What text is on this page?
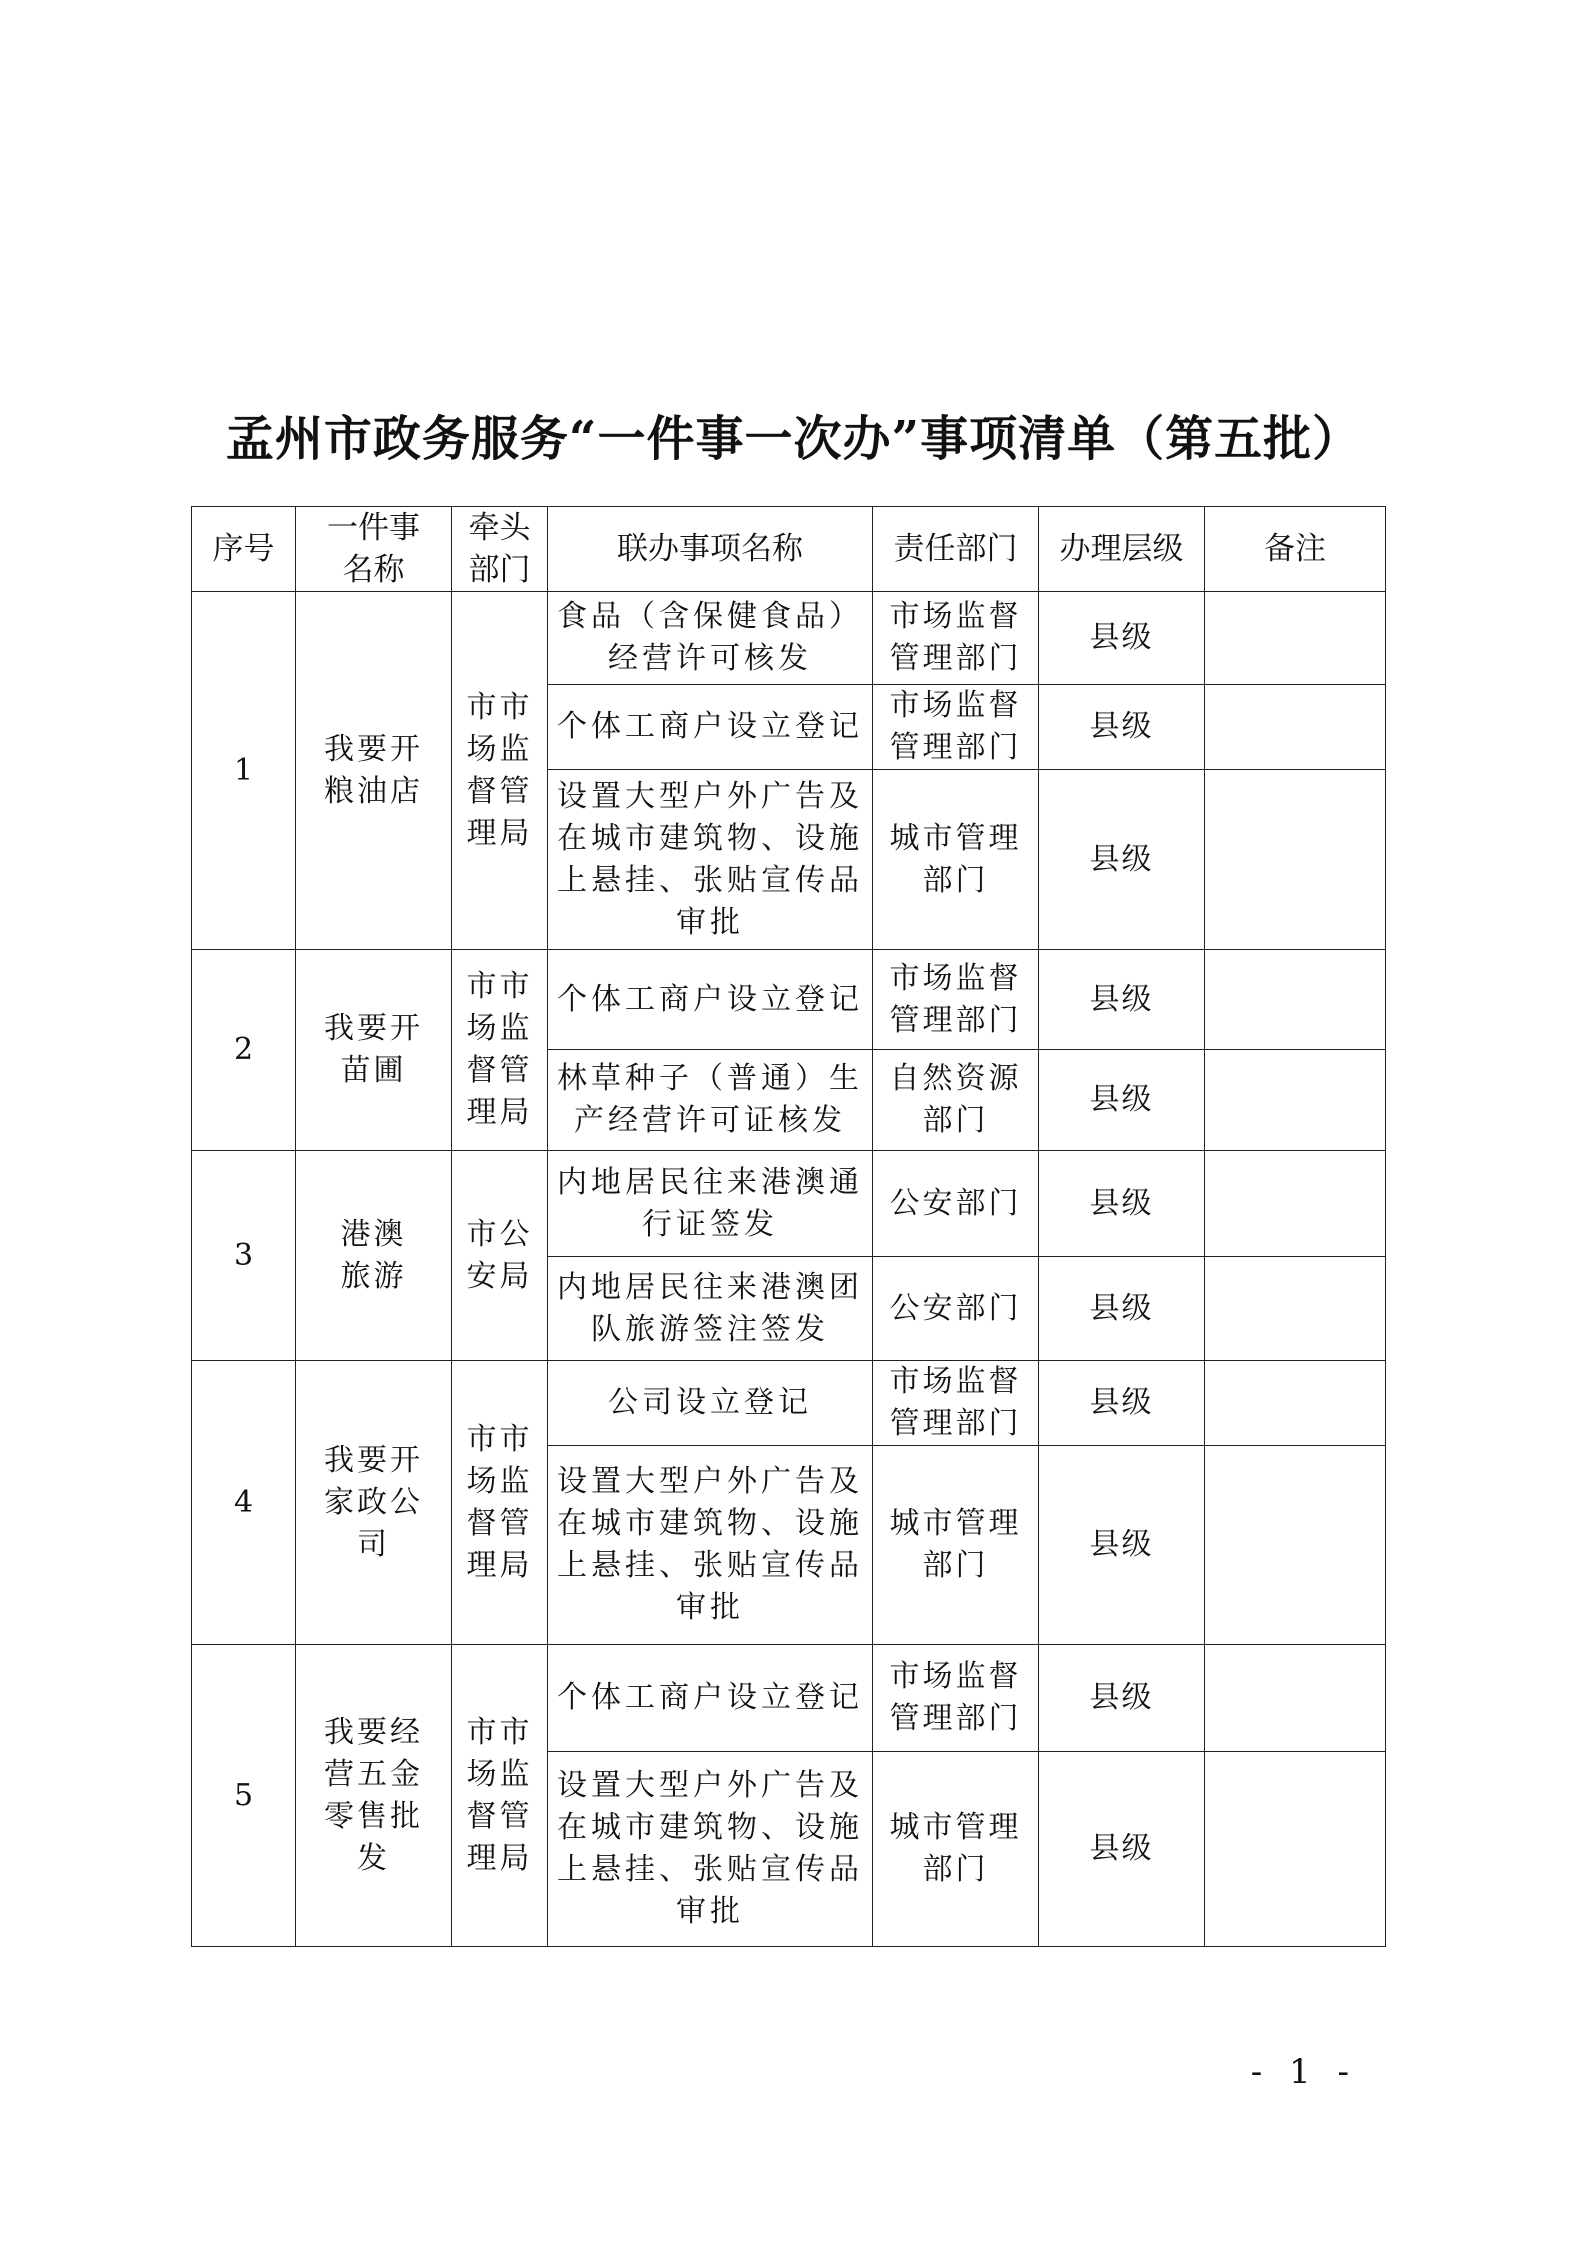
孟州市政务服务“一件事一次办”事项清单（第五批）
序号	一件事名称	牵头部门	联办事项名称	责任部门	办理层级	备注
1	我要开粮油店	市市场监督管理局	食品（含保健食品）经营许可核发	市场监督管理部门	县级	
			个体工商户设立登记	市场监督管理部门	县级	
			设置大型户外广告及在城市建筑物、设施上悬挂、张贴宣传品审批	城市管理部门	县级	
2	我要开苗圃	市市场监督管理局	个体工商户设立登记	市场监督管理部门	县级	
			林草种子（普通）生产经营许可证核发	自然资源部门	县级	
3	港澳旅游	市公安局	内地居民往来港澳通行证签发	公安部门	县级	
			内地居民往来港澳团队旅游签注签发	公安部门	县级	
4	我要开家政公司	市市场监督管理局	公司设立登记	市场监督管理部门	县级	
			设置大型户外广告及在城市建筑物、设施上悬挂、张贴宣传品审批	城市管理部门	县级	
5	我要经营五金零售批发	市市场监督管理局	个体工商户设立登记	市场监督管理部门	县级	
			设置大型户外广告及在城市建筑物、设施上悬挂、张贴宣传品审批	城市管理部门	县级	
- 1 -
